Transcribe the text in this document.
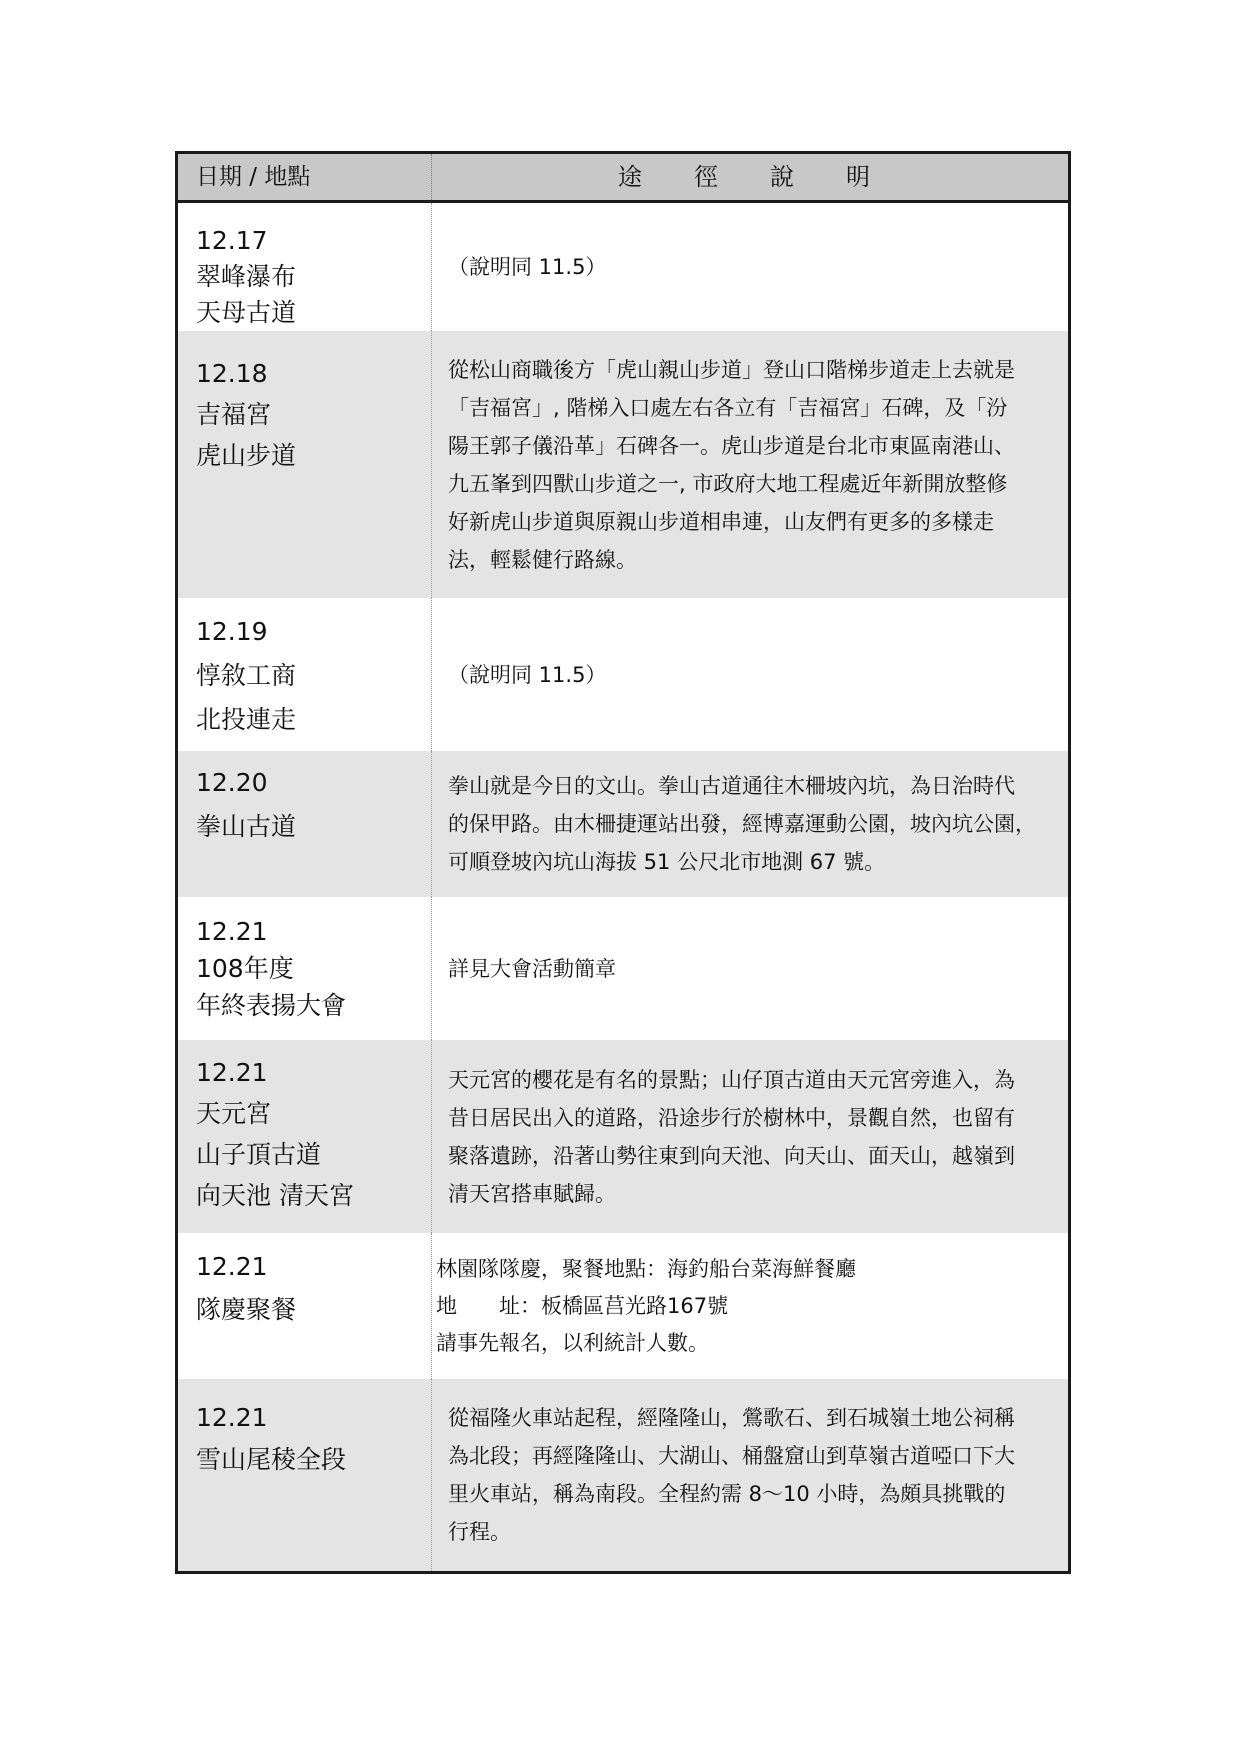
日期 / 地點	途徑說明
12.17
翠峰瀑布
天母古道
（說明同 11.5）
12.18
吉福宮
虎山步道
從松山商職後方「虎山親山步道」登山口階梯步道走上去就是
「吉福宮」, 階梯入口處左右各立有「吉福宮」石碑，及「汾
陽王郭子儀沿革」石碑各一。虎山步道是台北市東區南港山、
九五峯到四獸山步道之一, 市政府大地工程處近年新開放整修
好新虎山步道與原親山步道相串連，山友們有更多的多樣走
法，輕鬆健行路線。
12.19
惇敘工商
北投連走
（說明同 11.5）
12.20
拳山古道
拳山就是今日的文山。拳山古道通往木柵坡內坑，為日治時代
的保甲路。由木柵捷運站出發，經博嘉運動公園，坡內坑公園，
可順登坡內坑山海拔 51 公尺北市地測 67 號。
12.21
108年度
年終表揚大會
詳見大會活動簡章
12.21
天元宮
山子頂古道
向天池 清天宮
天元宮的櫻花是有名的景點；山仔頂古道由天元宮旁進入，為
昔日居民出入的道路，沿途步行於樹林中，景觀自然，也留有
聚落遺跡，沿著山勢往東到向天池、向天山、面天山，越嶺到
清天宮搭車賦歸。
12.21
隊慶聚餐
林園隊隊慶，聚餐地點：海釣船台菜海鮮餐廳
地　　址：板橋區莒光路167號
請事先報名，以利統計人數。
12.21
雪山尾稜全段
從福隆火車站起程，經隆隆山，鶯歌石、到石城嶺土地公祠稱
為北段；再經隆隆山、大湖山、桶盤窟山到草嶺古道啞口下大
里火車站，稱為南段。全程約需 8～10 小時，為頗具挑戰的
行程。
